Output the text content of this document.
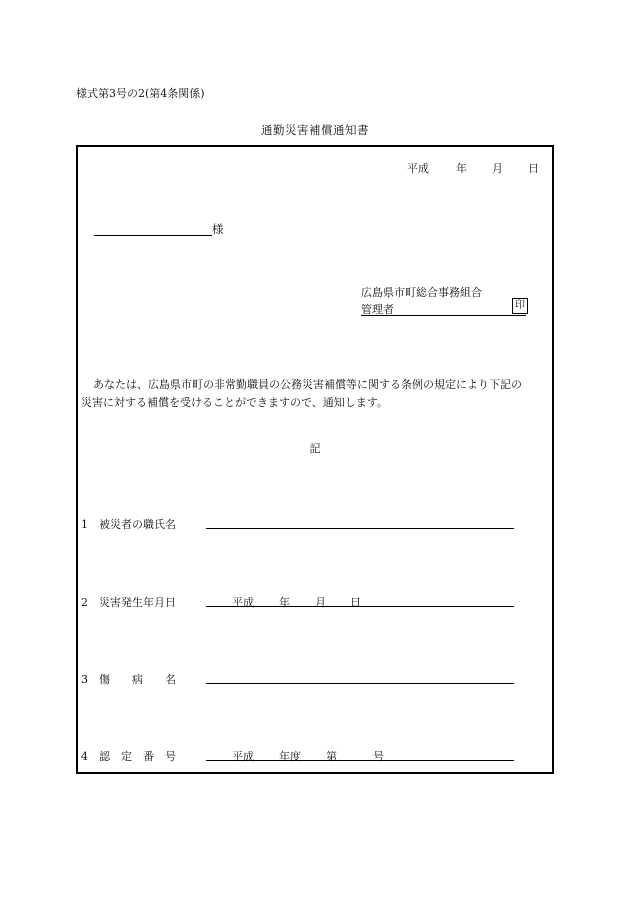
様式第3号の2(第4条関係)
通勤災害補償通知書
平成 年 月 日
様
広島県市町総合事務組合
管理者	印

あなたは、広島県市町の非常勤職員の公務災害補償等に関する条例の規定により下記の

災害に対する補償を受けることができますので、通知します。

記
1　被災者の職氏名
2　災害発生年月日	平成 年 月 日
3　傷　　病　　名
4　認　定　番　号	平成 年度 第	号
